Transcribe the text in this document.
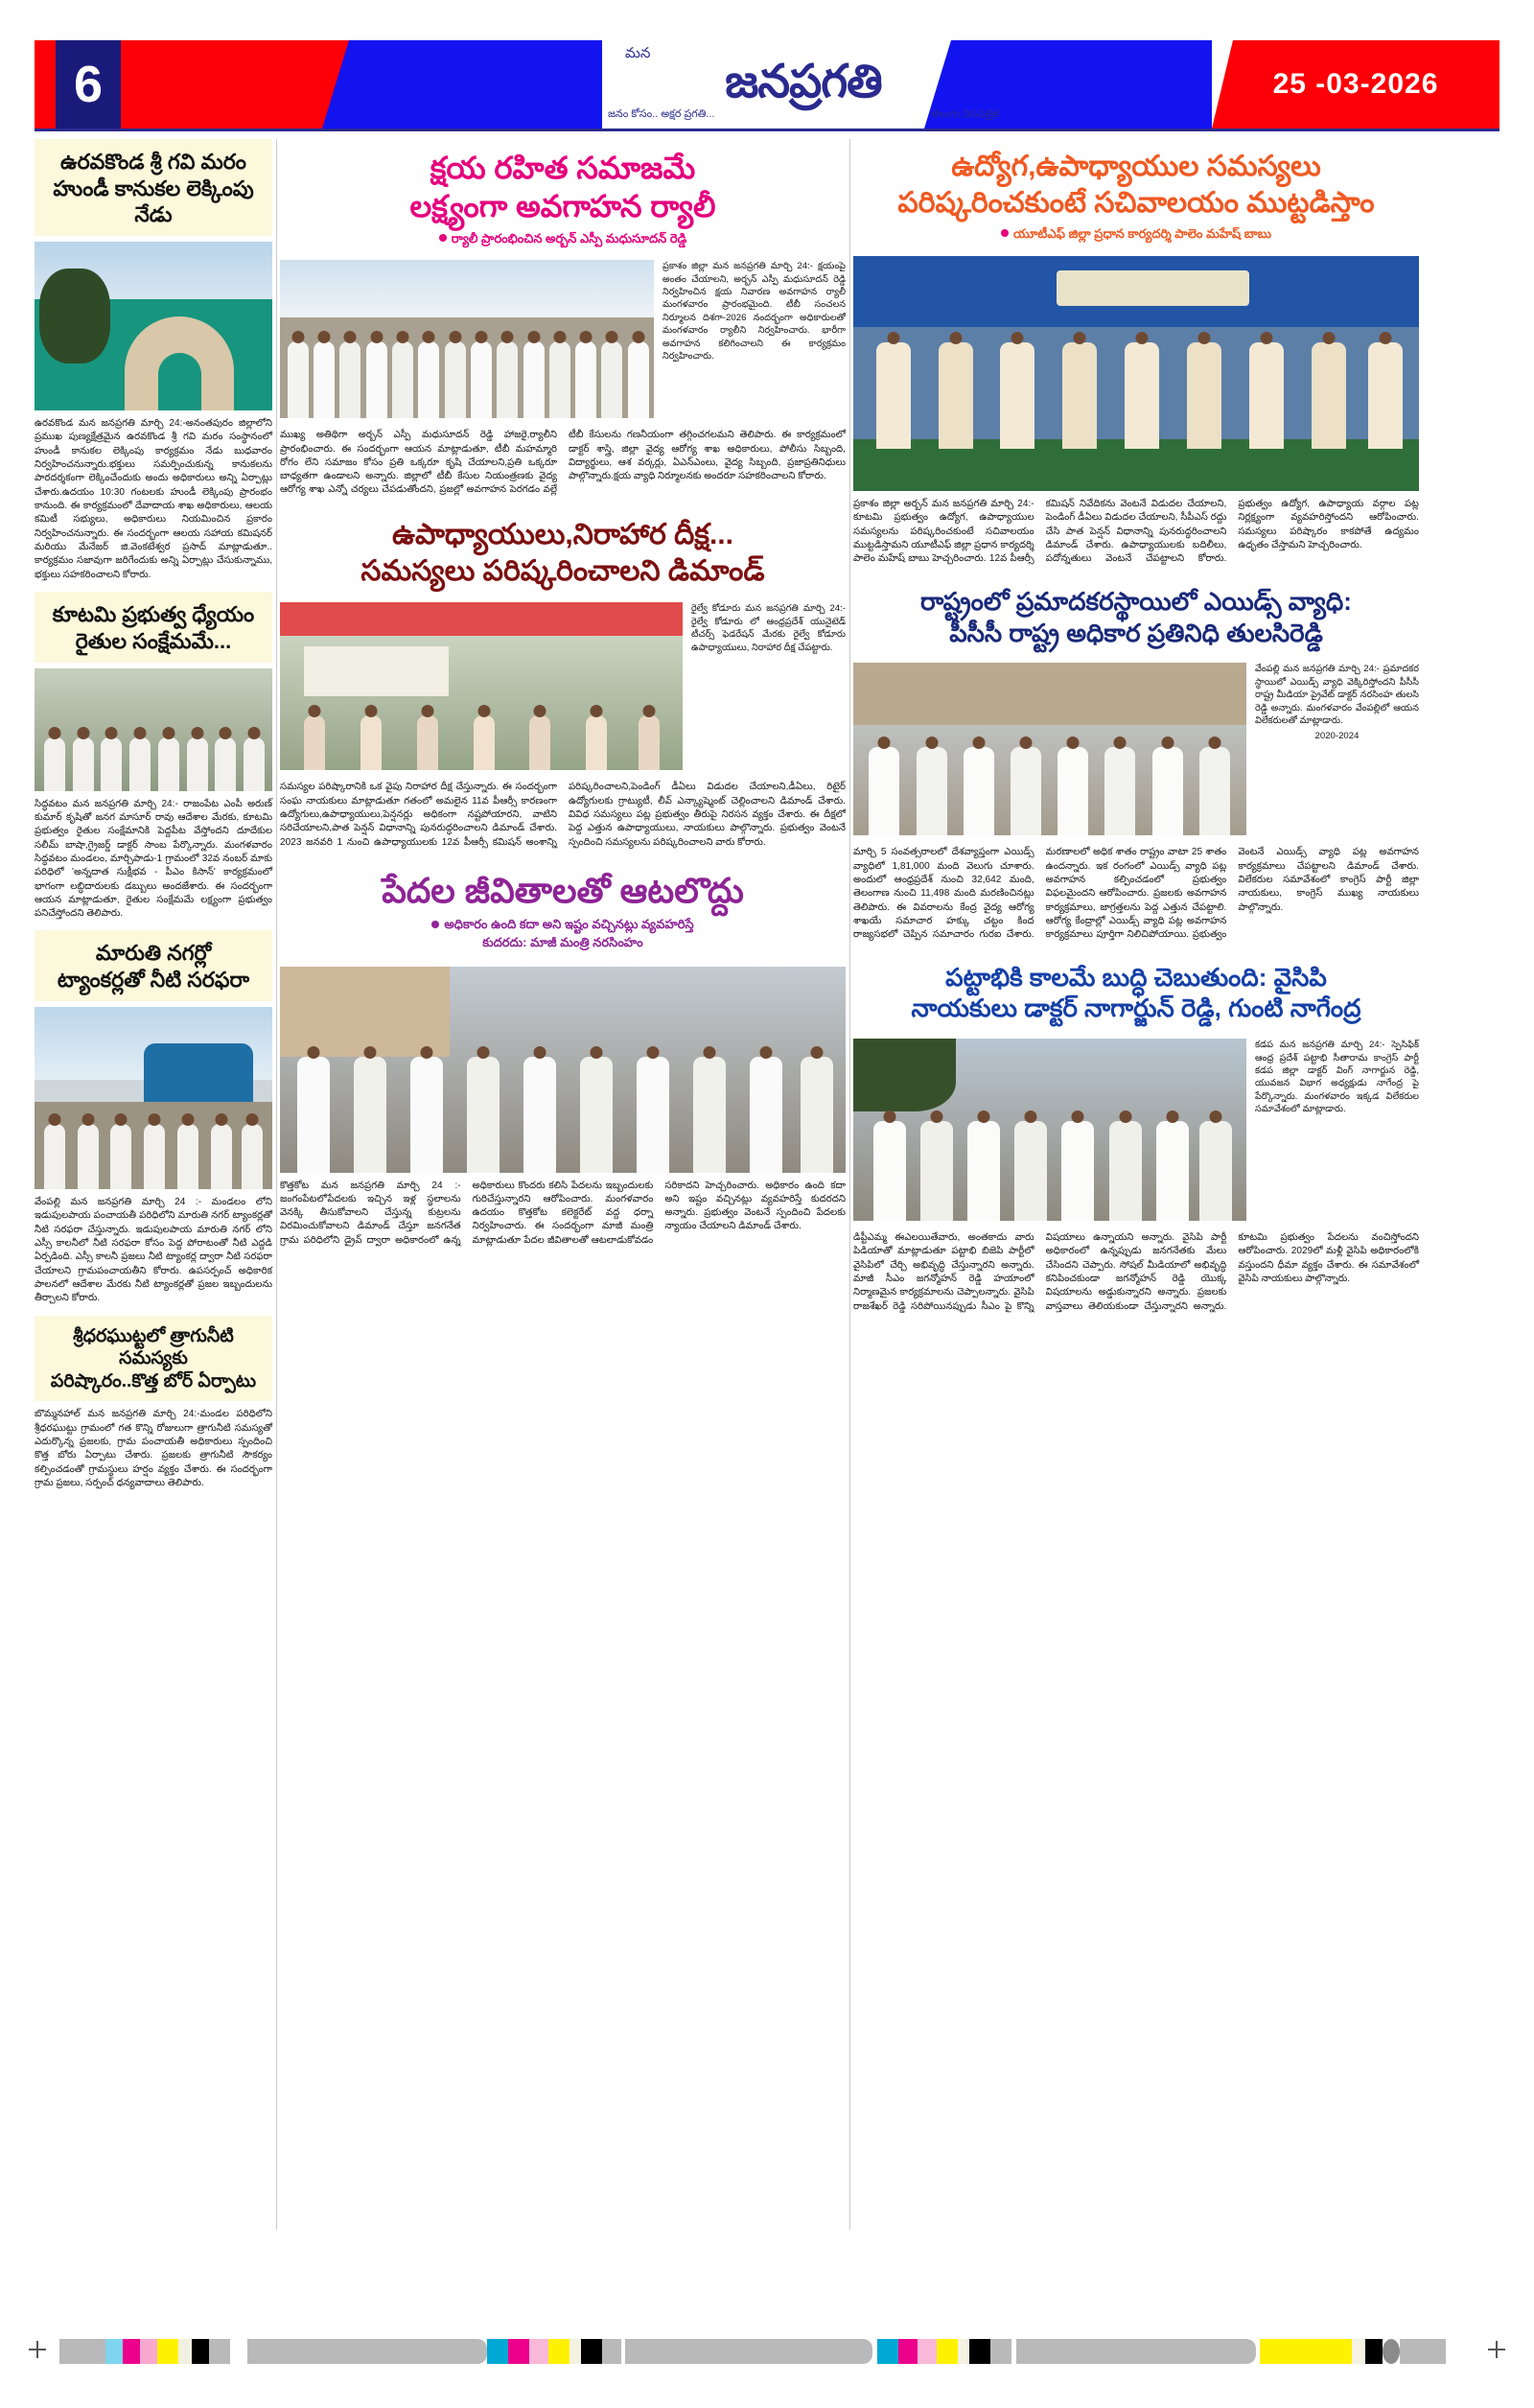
6
మన
జనప్రగతి
జనం కోసం.. అక్షర ప్రగతి...	తెలుగు దినపత్రిక
25 -03-2026
ఉరవకొండ శ్రీ గవి మరం
హుండీ కానుకల లెక్కింపు నేడు
ఉరవకొండ మన జనప్రగతి మార్చి 24:-అనంతపురం జిల్లాలోని ప్రముఖ పుణ్యక్షేత్రమైన ఉరవకొండ శ్రీ గవి మరం సంస్థానంలో హుండీ కానుకల లెక్కింపు కార్యక్రమం నేడు బుధవారం నిర్వహించనున్నారు.భక్తులు సమర్పించుకున్న కానుకలను పారదర్శకంగా లెక్కించేందుకు అందు అధికారులు అన్ని ఏర్పాట్లు చేశారు.ఉదయం 10:30 గంటలకు హుండీ లెక్కింపు ప్రారంభం కానుంది. ఈ కార్యక్రమంలో దేవాదాయ శాఖ అధికారులు, ఆలయ కమిటీ సభ్యులు, అధికారులు నియమించిన ప్రకారం నిర్వహించనున్నారు. ఈ సందర్భంగా ఆలయ సహాయ కమిషనర్ మరియు మేనేజర్ జి.వెంకటేశ్వర ప్రసాద్ మాట్లాడుతూ.. కార్యక్రమం సజావుగా జరిగేందుకు అన్ని ఏర్పాట్లు చేసుకున్నాము, భక్తులు సహకరించాలని కోరారు.
కూటమి ప్రభుత్వ ధ్యేయం
రైతుల సంక్షేమమే...
సిద్ధవటం మన జనప్రగతి మార్చి 24:- రాజంపేట ఎంపీ అరుణ్ కుమార్ కృషితో జనగ మాసూర్ రావు ఆదేశాల మేరకు, కూటమి ప్రభుత్వం రైతుల సంక్షేమానికి పెద్దపీట వేస్తోందని దూదేకుల సలీమ్ బాషా,గ్రైజర్డ్ డాక్టర్ సాంబ పేర్కొన్నారు. మంగళవారం సిద్ధవటం మండలం, మార్చిపాడు-1 గ్రామంలో 32వ నంబర్ మాకు పరిధిలో 'అన్నదాత సుక్షీభవ - పీఎం కిసాన్' కార్యక్రమంలో భాగంగా లబ్ధిదారులకు డబ్బులు అందజేశారు. ఈ సందర్భంగా ఆయన మాట్లాడుతూ, రైతుల సంక్షేమమే లక్ష్యంగా ప్రభుత్వం పనిచేస్తోందని తెలిపారు.
మారుతి నగర్లో
ట్యాంకర్లతో నీటి సరఫరా
వేంపల్లి మన జనప్రగతి మార్చి 24 :- మండలం లోని ఇడుపులపాయ పంచాయతీ పరిధిలోని మారుతి నగర్ ట్యాంకర్లతో నీటి సరఫరా చేస్తున్నారు. ఇడుపులపాయ మారుతి నగర్ లోని ఎస్సీ కాలనీలో నీటి సరఫరా కోసం పెద్ద పోరాటంతో నీటి ఎద్దడి ఏర్పడింది. ఎస్సీ కాలనీ ప్రజలు నీటి ట్యాంకర్ల ద్వారా నీటి సరఫరా చేయాలని గ్రామపంచాయతీని కోరారు. ఉపసర్పంచ్ అధికారిక పాలనలో ఆదేశాల మేరకు నీటి ట్యాంకర్లతో ప్రజల ఇబ్బందులను తీర్చాలని కోరారు.
శ్రీధరఘుట్టలో త్రాగునీటి సమస్యకు
పరిష్కారం..కొత్త బోర్ ఏర్పాటు
బొమ్మనహాల్ మన జనప్రగతి మార్చి 24:-మండల పరిధిలోని శ్రీధరఘుట్టు గ్రామంలో గత కొన్ని రోజులుగా త్రాగునీటి సమస్యతో ఎదుర్కొన్న ప్రజలకు, గ్రామ పంచాయతీ అధికారులు స్పందించి కొత్త బోరు ఏర్పాటు చేశారు. ప్రజలకు త్రాగునీటి సౌకర్యం కల్పించడంతో గ్రామస్థులు హర్షం వ్యక్తం చేశారు. ఈ సందర్భంగా గ్రామ ప్రజలు, సర్పంచ్ ధన్యవాదాలు తెలిపారు.
క్షయ రహిత సమాజమే
లక్ష్యంగా అవగాహన ర్యాలీ
ర్యాలీ ప్రారంభించిన అర్బన్ ఎస్పీ మధుసూదన్ రెడ్డి
ప్రకాశం జిల్లా మన జనప్రగతి మార్చి 24:- క్షయంపై అంతం చేయాలని, అర్బన్ ఎస్పీ మధుసూదన్ రెడ్డి నిర్వహించిన క్షయ నివారణ అవగాహన ర్యాలీ మంగళవారం ప్రారంభమైంది. టీబీ సంచలన నిర్మూలన దిశగా-2026 నందర్భంగా అధికారులతో మంగళవారం ర్యాలీని నిర్వహించారు. భారీగా అవగాహన కలిగించాలని ఈ కార్యక్రమం నిర్వహించారు.
ముఖ్య అతిథిగా అర్బన్ ఎస్పీ మధుసూదన్ రెడ్డి హాజరై,ర్యాలీని ప్రారంభించారు. ఈ సందర్భంగా ఆయన మాట్లాడుతూ, టీబీ మహమ్మారి రోగం లేని సమాజం కోసం ప్రతి ఒక్కరూ కృషి చేయాలని,ప్రతి ఒక్కరూ బాధ్యతగా ఉండాలని అన్నారు. జిల్లాలో టీబీ కేసుల నియంత్రణకు వైద్య ఆరోగ్య శాఖ ఎన్నో చర్యలు చేపడుతోందని, ప్రజల్లో అవగాహన పెరగడం వల్లే టీబీ కేసులను గణనీయంగా తగ్గించగలమని తెలిపారు. ఈ కార్యక్రమంలో డాక్టర్ శాస్త్రి, జిల్లా వైద్య ఆరోగ్య శాఖ అధికారులు, పోలీసు సిబ్బంది, విద్యార్థులు, ఆశ వర్కర్లు, ఏఎన్ఎంలు, వైద్య సిబ్బంది, ప్రజాప్రతినిధులు పాల్గొన్నారు.క్షయ వ్యాధి నిర్మూలనకు అందరూ సహకరించాలని కోరారు.
ఉపాధ్యాయులు,నిరాహార దీక్ష...
సమస్యలు పరిష్కరించాలని డిమాండ్
రైల్వే కోడూరు మన జనప్రగతి మార్చి 24:- రైల్వే కోడూరు లో ఆంధ్రప్రదేశ్ యునైటెడ్ టీచర్స్ ఫెడరేషన్ మేరకు రైల్వే కోడూరు ఉపాధ్యాయులు, నిరాహార దీక్ష చేపట్టారు.
సమస్యల పరిష్కారానికి ఒక వైపు నిరాహార దీక్ష చేస్తున్నారు. ఈ సందర్భంగా సంఘ నాయకులు మాట్లాడుతూ గతంలో అమలైన 11వ పీఆర్సీ కారణంగా ఉద్యోగులు,ఉపాధ్యాయులు,పెన్షనర్లు అధికంగా నష్టపోయారని, వాటిని సరిచేయాలని,పాత పెన్షన్ విధానాన్ని పునరుద్ధరించాలని డిమాండ్ చేశారు. 2023 జనవరి 1 నుంచి ఉపాధ్యాయులకు 12వ పీఆర్సీ కమిషన్ అంశాన్ని పరిష్కరించాలని,పెండింగ్ డీఏలు విడుదల చేయాలని,డీఏలు, రిటైర్ ఉద్యోగులకు గ్రాట్యుటీ, లీవ్ ఎన్క్యాష్మెంట్ చెల్లించాలని డిమాండ్ చేశారు. వివిధ సమస్యలు పట్ల ప్రభుత్వం తీరుపై నిరసన వ్యక్తం చేశారు. ఈ దీక్షలో పెద్ద ఎత్తున ఉపాధ్యాయులు, నాయకులు పాల్గొన్నారు. ప్రభుత్వం వెంటనే స్పందించి సమస్యలను పరిష్కరించాలని వారు కోరారు.
పేదల జీవితాలతో ఆటలొద్దు
అధికారం ఉంది కదా అని ఇష్టం వచ్చినట్లు వ్యవహరిస్తే
కుదరదు: మాజీ మంత్రి నరసింహం
కొత్తకోట మన జనప్రగతి మార్చి 24 :- జంగంపేటలోపేదలకు ఇచ్చిన ఇళ్ల స్థలాలను వెనక్కి తీసుకోవాలని చేస్తున్న కుట్రలను విరమించుకోవాలని డిమాండ్ చేస్తూ జనగనేత గ్రామ పరిధిలోని డ్రైవ్ ద్వారా అధికారంలో ఉన్న అధికారులు కొందరు కలిసి పేదలను ఇబ్బందులకు గురిచేస్తున్నారని ఆరోపించారు. మంగళవారం ఉదయం కొత్తకోట కలెక్టరేట్ వద్ద ధర్నా నిర్వహించారు. ఈ సందర్భంగా మాజీ మంత్రి మాట్లాడుతూ పేదల జీవితాలతో ఆటలాడుకోవడం సరికాదని హెచ్చరించారు. అధికారం ఉంది కదా అని ఇష్టం వచ్చినట్లు వ్యవహరిస్తే కుదరదని అన్నారు. ప్రభుత్వం వెంటనే స్పందించి పేదలకు న్యాయం చేయాలని డిమాండ్ చేశారు.
ఉద్యోగ,ఉపాధ్యాయుల సమస్యలు
పరిష్కరించకుంటే సచివాలయం ముట్టడిస్తాం
యూటీఎఫ్ జిల్లా ప్రధాన కార్యదర్శి పాలెం మహేష్ బాబు
ప్రకాశం జిల్లా అర్బన్ మన జనప్రగతి మార్చి 24:- కూటమి ప్రభుత్వం ఉద్యోగ, ఉపాధ్యాయుల సమస్యలను పరిష్కరించకుంటే సచివాలయం ముట్టడిస్తామని యూటీఎఫ్ జిల్లా ప్రధాన కార్యదర్శి పాలెం మహేష్ బాబు హెచ్చరించారు. 12వ పీఆర్సీ కమిషన్ నివేదికను వెంటనే విడుదల చేయాలని, పెండింగ్ డీఏలు విడుదల చేయాలని, సీపీఎస్ రద్దు చేసి పాత పెన్షన్ విధానాన్ని పునరుద్ధరించాలని డిమాండ్ చేశారు. ఉపాధ్యాయులకు బదిలీలు, పదోన్నతులు వెంటనే చేపట్టాలని కోరారు. ప్రభుత్వం ఉద్యోగ, ఉపాధ్యాయ వర్గాల పట్ల నిర్లక్ష్యంగా వ్యవహరిస్తోందని ఆరోపించారు. సమస్యలు పరిష్కారం కాకపోతే ఉద్యమం ఉధృతం చేస్తామని హెచ్చరించారు.
రాష్ట్రంలో ప్రమాదకరస్థాయిలో ఎయిడ్స్ వ్యాధి:
పీసీసీ రాష్ట్ర అధికార ప్రతినిధి తులసిరెడ్డి
వేంపల్లి మన జనప్రగతి మార్చి 24:- ప్రమాదకర స్థాయిలో ఎయిడ్స్ వ్యాధి వెక్కిరిస్తోందని పీసీసీ రాష్ట్ర మీడియా ప్రైవేట్ డాక్టర్ నరసింహ తులసి రెడ్డి అన్నారు. మంగళవారం వేంపల్లిలో ఆయన విలేకరులతో మాట్లాడారు.
2020-2024
మార్చి 5 సంవత్సరాలలో దేశవ్యాప్తంగా ఎయిడ్స్ వ్యాధిలో 1,81,000 మంది వెలుగు చూశారు. అందులో ఆంధ్రప్రదేశ్ నుంచి 32,642 మంది, తెలంగాణ నుంచి 11,498 మంది మరణించినట్లు తెలిపారు. ఈ వివరాలను కేంద్ర వైద్య ఆరోగ్య శాఖయే సమాచార హక్కు చట్టం కింద రాజ్యసభలో చెప్పిన సమాచారం గురఐ చేశారు. మరణాలలో అధిక శాతం రాష్ట్రం వాటా 25 శాతం ఉందన్నారు. ఇక రంగంలో ఎయిడ్స్ వ్యాధి పట్ల అవగాహన కల్పించడంలో ప్రభుత్వం విఫలమైందని ఆరోపించారు. ప్రజలకు అవగాహన కార్యక్రమాలు, జాగ్రత్తలను పెద్ద ఎత్తున చేపట్టాలి. ఆరోగ్య కేంద్రాల్లో ఎయిడ్స్ వ్యాధి పట్ల అవగాహన కార్యక్రమాలు పూర్తిగా నిలిచిపోయాయి. ప్రభుత్వం వెంటనే ఎయిడ్స్ వ్యాధి పట్ల అవగాహన కార్యక్రమాలు చేపట్టాలని డిమాండ్ చేశారు. విలేకరుల సమావేశంలో కాంగ్రెస్ పార్టీ జిల్లా నాయకులు, కాంగ్రెస్ ముఖ్య నాయకులు పాల్గొన్నారు.
పట్టాభికి కాలమే బుద్ధి చెబుతుంది: వైసిపి
నాయకులు డాక్టర్ నాగార్జున్ రెడ్డి, గుంటి నాగేంద్ర
కడప మన జనప్రగతి మార్చి 24:- స్పెసిఫిక్ ఆంధ్ర ప్రదేశ్ పట్టాభి సీతారామ కాంగ్రెస్ పార్టీ కడప జిల్లా డాక్టర్ వింగ్ నాగార్జున రెడ్డి, యువజన విభాగ అధ్యక్షుడు నాగేంద్ర పై పేర్కొన్నారు. మంగళవారం ఇక్కడ విలేకరుల సమావేశంలో మాట్లాడారు.
డిప్టీఎమ్మ ఈఎలయితేవారు, అంతకాదు వారు పిడియాతో మాట్లాడుతూ పట్టాభి బిజెపి పార్టీలో వైసిపిలో చేర్చి అభివృద్ధి చేస్తున్నారని అన్నారు. మాజీ సీఎం జగన్మోహన్ రెడ్డి హయాంలో నిర్మాణమైన కార్యక్రమాలను చెప్పాలన్నారు. వైసిపి రాజశేఖర్ రెడ్డి సరిపోయినప్పుడు సీఎం పై కొన్ని విషయాలు ఉన్నాయని అన్నారు. వైసిపి పార్టీ అధికారంలో ఉన్నప్పుడు జనగనేతకు మేలు చేసిందని చెప్పారు. సోషల్ మీడియాలో అభివృద్ధి కనిపించకుండా జగన్మోహన్ రెడ్డి యొక్క విషయాలను అడ్డుకున్నారని అన్నారు. ప్రజలకు వాస్తవాలు తెలియకుండా చేస్తున్నారని అన్నారు. కూటమి ప్రభుత్వం పేదలను వంచిస్తోందని ఆరోపించారు. 2029లో మళ్లీ వైసిపి అధికారంలోకి వస్తుందని ధీమా వ్యక్తం చేశారు. ఈ సమావేశంలో వైసిపి నాయకులు పాల్గొన్నారు.
